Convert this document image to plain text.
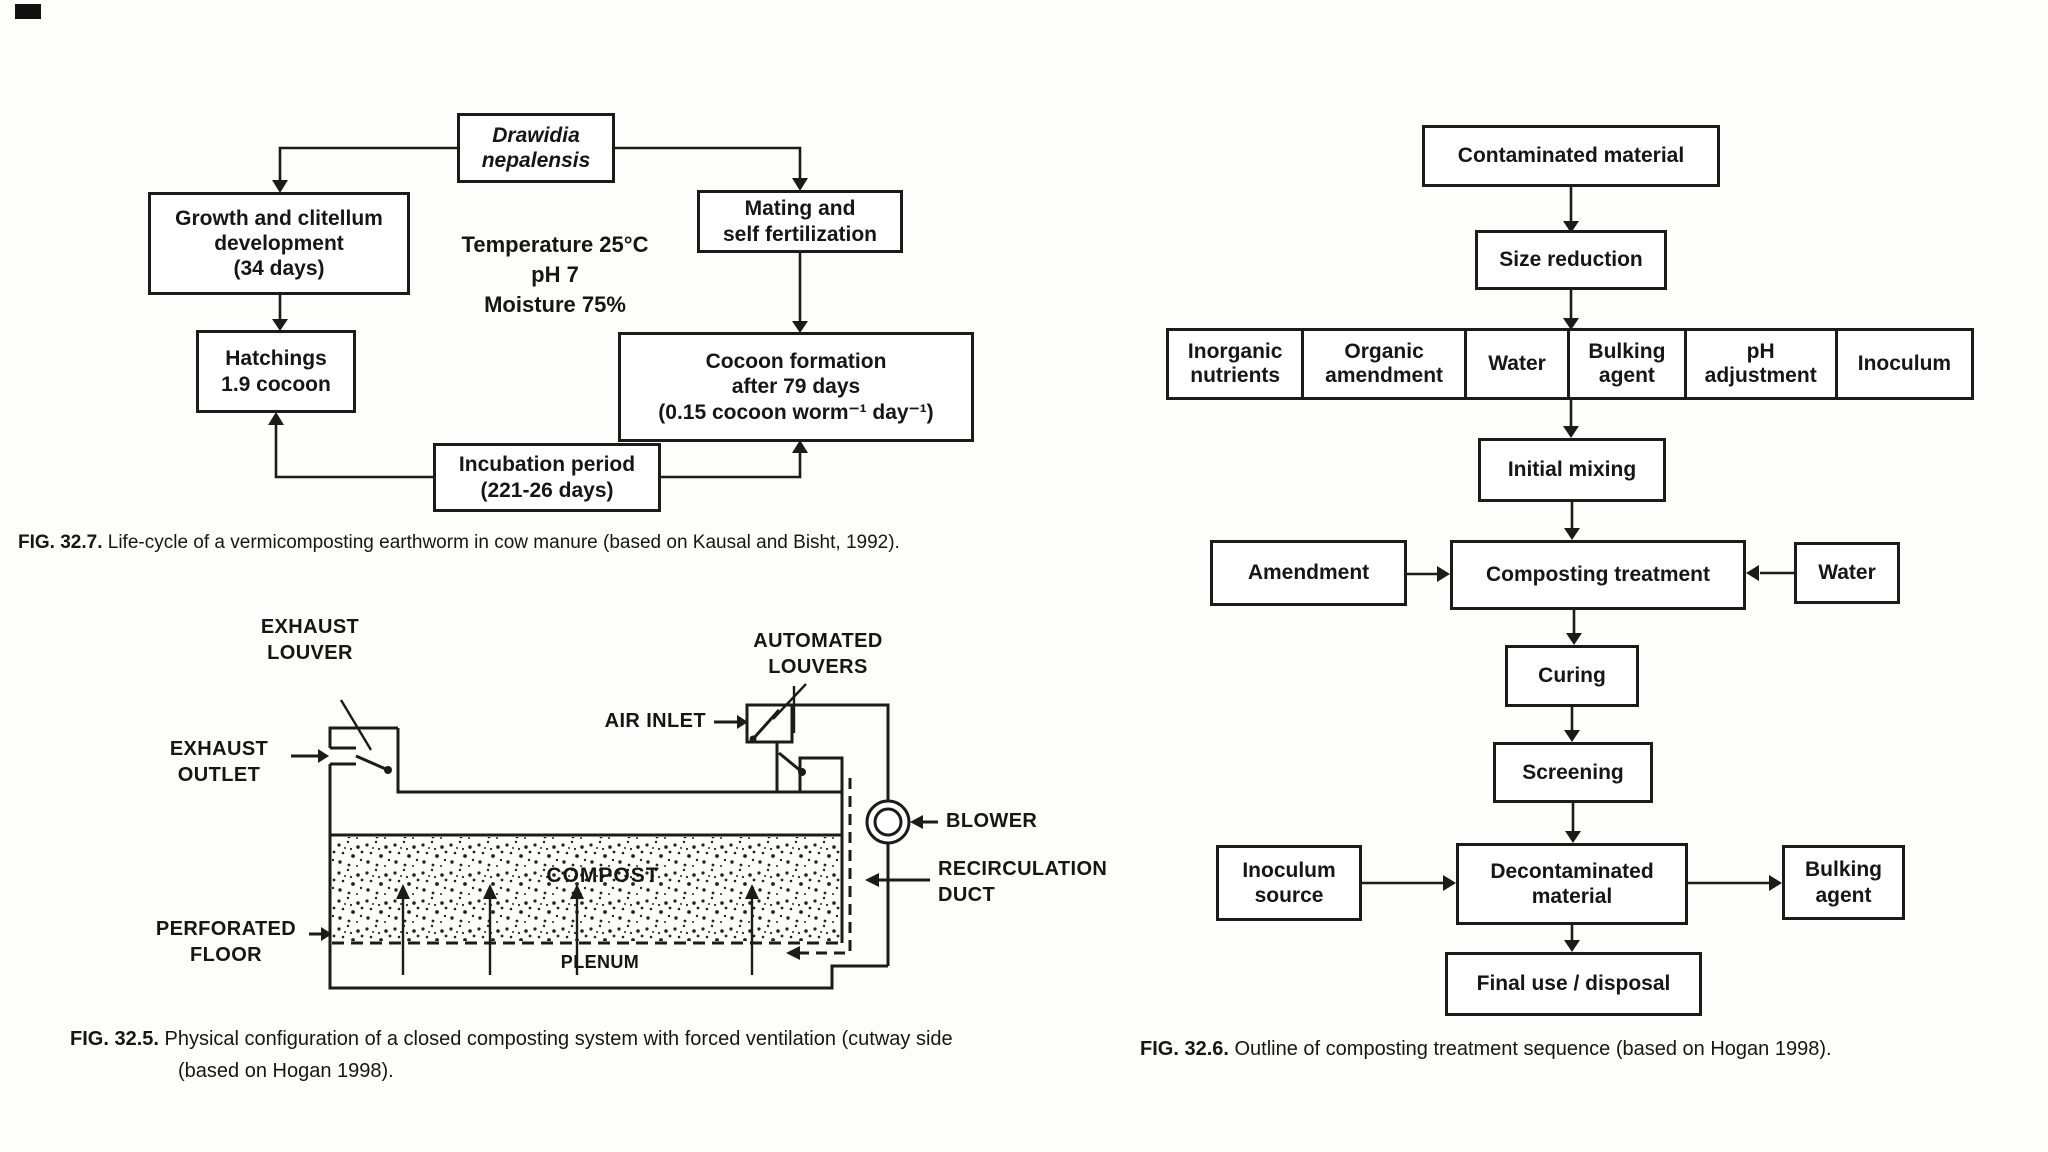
Drawidia
nepalensis
Growth and clitellum
development
(34 days)
Temperature 25°C
pH 7
Moisture 75%
Mating and
self fertilization
Hatchings
1.9 cocoon
Cocoon formation
after 79 days
(0.15 cocoon worm⁻¹ day⁻¹)
Incubation period
(221-26 days)
FIG. 32.7. Life-cycle of a vermicomposting earthworm in cow manure (based on Kausal and Bisht, 1992).
EXHAUST
LOUVER
EXHAUST
OUTLET
AIR INLET
AUTOMATED
LOUVERS
BLOWER
RECIRCULATION
DUCT
PERFORATED
FLOOR
COMPOST
PLENUM
FIG. 32.5. Physical configuration of a closed composting system with forced ventilation (cutway side
(based on Hogan 1998).
Contaminated material
Size reduction
Inorganic nutrients
Organic amendment
Water
Bulking agent
pH adjustment
Inoculum
Initial mixing
Amendment	Composting treatment	Water
Curing
Screening
Inoculum
source
Decontaminated
material
Bulking
agent
Final use / disposal
FIG. 32.6. Outline of composting treatment sequence (based on Hogan 1998).
